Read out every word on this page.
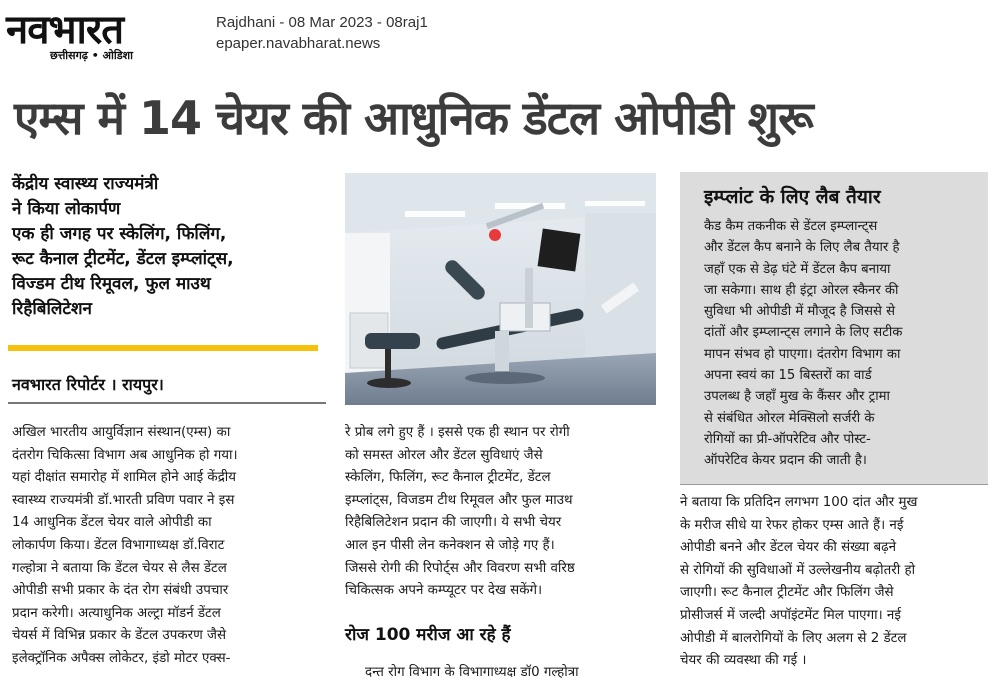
नवभारत
छत्तीसगढ़ • ओडिशा
Rajdhani - 08 Mar 2023 - 08raj1
epaper.navabharat.news
एम्स में 14 चेयर की आधुनिक डेंटल ओपीडी शुरू
केंद्रीय स्वास्थ्य राज्यमंत्री
ने किया लोकार्पण
एक ही जगह पर स्केलिंग, फिलिंग,
रूट कैनाल ट्रीटमेंट, डेंटल इम्प्लांट्स,
विज्डम टीथ रिमूवल, फुल माउथ
रिहैबिलिटेशन
नवभारत रिपोर्टर । रायपुर।
अखिल भारतीय आयुर्विज्ञान संस्थान(एम्स) का
दंतरोग चिकित्सा विभाग अब आधुनिक हो गया।
यहां दीक्षांत समारोह में शामिल होने आई केंद्रीय
स्वास्थ्य राज्यमंत्री डॉ.भारती प्रविण पवार ने इस
14 आधुनिक डेंटल चेयर वाले ओपीडी का
लोकार्पण किया। डेंटल विभागाध्यक्ष डॉ.विराट
गल्होत्रा ने बताया कि डेंटल चेयर से लैस डेंटल
ओपीडी सभी प्रकार के दंत रोग संबंधी उपचार
प्रदान करेगी। अत्याधुनिक अल्ट्रा मॉडर्न डेंटल
चेयर्स में विभिन्न प्रकार के डेंटल उपकरण जैसे
इलेक्ट्रॉनिक अपैक्स लोकेटर, इंडो मोटर एक्स-
रे प्रोब लगे हुए हैं । इससे एक ही स्थान पर रोगी
को समस्त ओरल और डेंटल सुविधाएं जैसे
स्केलिंग, फिलिंग, रूट कैनाल ट्रीटमेंट, डेंटल
इम्प्लांट्स, विजडम टीथ रिमूवल और फुल माउथ
रिहैबिलिटेशन प्रदान की जाएगी। ये सभी चेयर
आल इन पीसी लेन कनेक्शन से जोड़े गए हैं।
जिससे रोगी की रिपोर्ट्स और विवरण सभी वरिष्ठ
चिकित्सक अपने कम्प्यूटर पर देख सकेंगे।
रोज 100 मरीज आ रहे हैं
दन्त रोग विभाग के विभागाध्यक्ष डॉ0 गल्होत्रा
इम्प्लांट के लिए लैब तैयार
कैड कैम तकनीक से डेंटल इम्प्लान्ट्स
और डेंटल कैप बनाने के लिए लैब तैयार है
जहाँ एक से डेढ़ घंटे में डेंटल कैप बनाया
जा सकेगा। साथ ही इंट्रा ओरल स्कैनर की
सुविधा भी ओपीडी में मौजूद है जिससे से
दांतों और इम्प्लान्ट्स लगाने के लिए सटीक
मापन संभव हो पाएगा। दंतरोग विभाग का
अपना स्वयं का 15 बिस्तरों का वार्ड
उपलब्ध है जहाँ मुख के कैंसर और ट्रामा
से संबंधित ओरल मेक्सिलो सर्जरी के
रोगियों का प्री-ऑपरेटिव और पोस्ट-
ऑपरेटिव केयर प्रदान की जाती है।
ने बताया कि प्रतिदिन लगभग 100 दांत और मुख
के मरीज सीधे या रेफर होकर एम्स आते हैं। नई
ओपीडी बनने और डेंटल चेयर की संख्या बढ़ने
से रोगियों की सुविधाओं में उल्लेखनीय बढ़ोतरी हो
जाएगी। रूट कैनाल ट्रीटमेंट और फिलिंग जैसे
प्रोसीजर्स में जल्दी अपॉइंटमेंट मिल पाएगा। नई
ओपीडी में बालरोगियों के लिए अलग से 2 डेंटल
चेयर की व्यवस्था की गई ।
